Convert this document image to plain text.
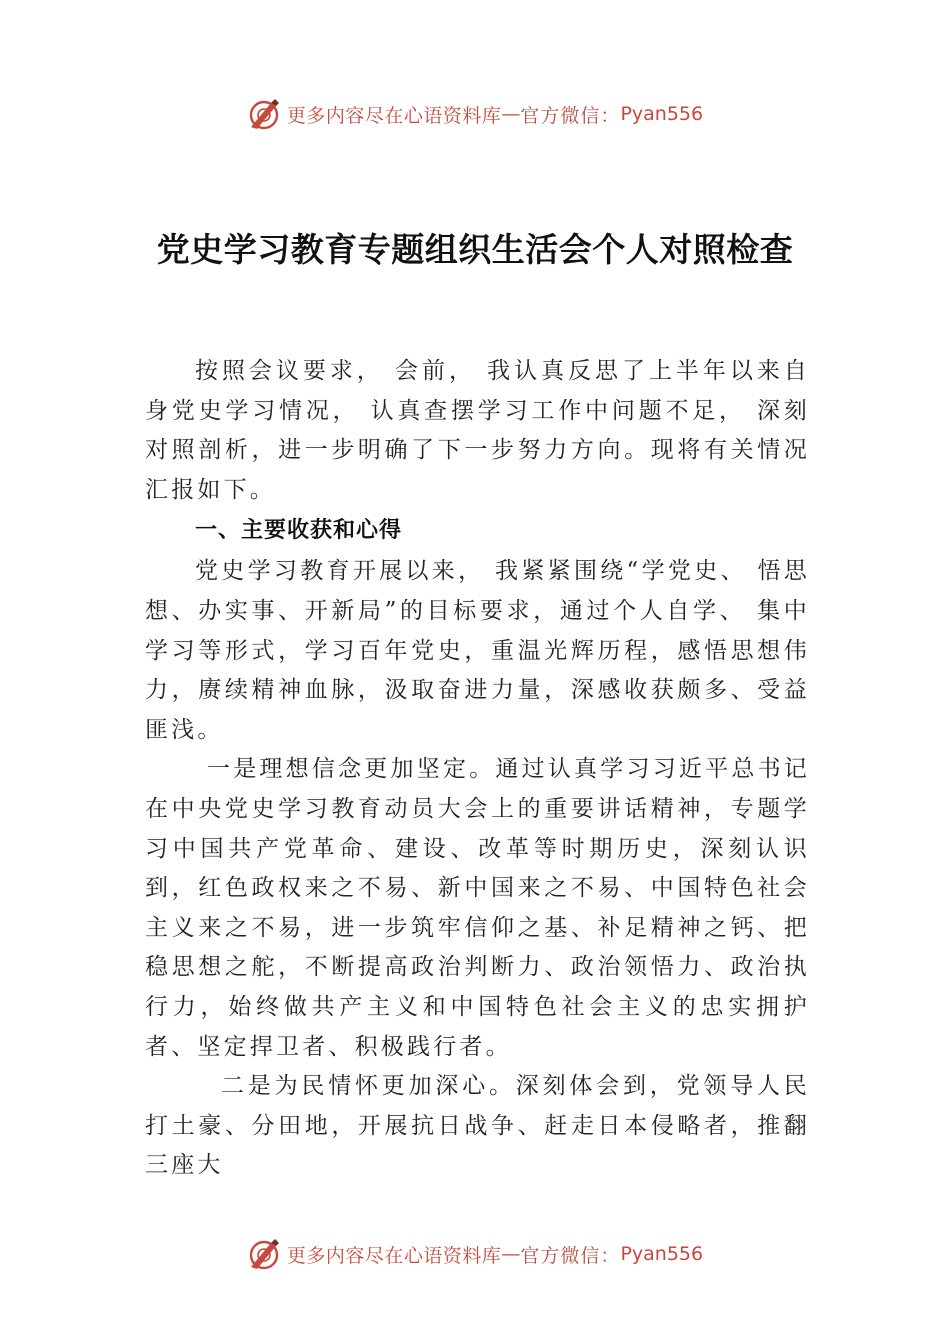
更多内容尽在心语资料库 — 官方微信： Pyan556
党史学习教育专题组织生活会个人对照检查

按照会议要求， 会前， 我认真反思了上半年以来自身党史学习情况， 认真查摆学习工作中问题不足， 深刻对照剖析，进一步明确了下一步努力方向。现将有关情况汇报如下。

一、主要收获和心得

党史学习教育开展以来， 我紧紧围绕“学党史、 悟思想、办实事、开新局”的目标要求，通过个人自学、 集中学习等形式，学习百年党史，重温光辉历程，感悟思想伟力，赓续精神血脉，汲取奋进力量，深感收获颇多、受益匪浅。

一是理想信念更加坚定。通过认真学习习近平总书记在中央党史学习教育动员大会上的重要讲话精神，专题学习中国共产党革命、建设、改革等时期历史，深刻认识到，红色政权来之不易、新中国来之不易、中国特色社会主义来之不易，进一步筑牢信仰之基、补足精神之钙、把稳思想之舵，不断提高政治判断力、政治领悟力、政治执行力，始终做共产主义和中国特色社会主义的忠实拥护者、坚定捍卫者、积极践行者。

二是为民情怀更加深⼼。深刻体会到，党领导人民打土豪、分田地，开展抗日战争、赶走日本侵略者，推翻三座大

更多内容尽在心语资料库 — 官方微信： Pyan556
